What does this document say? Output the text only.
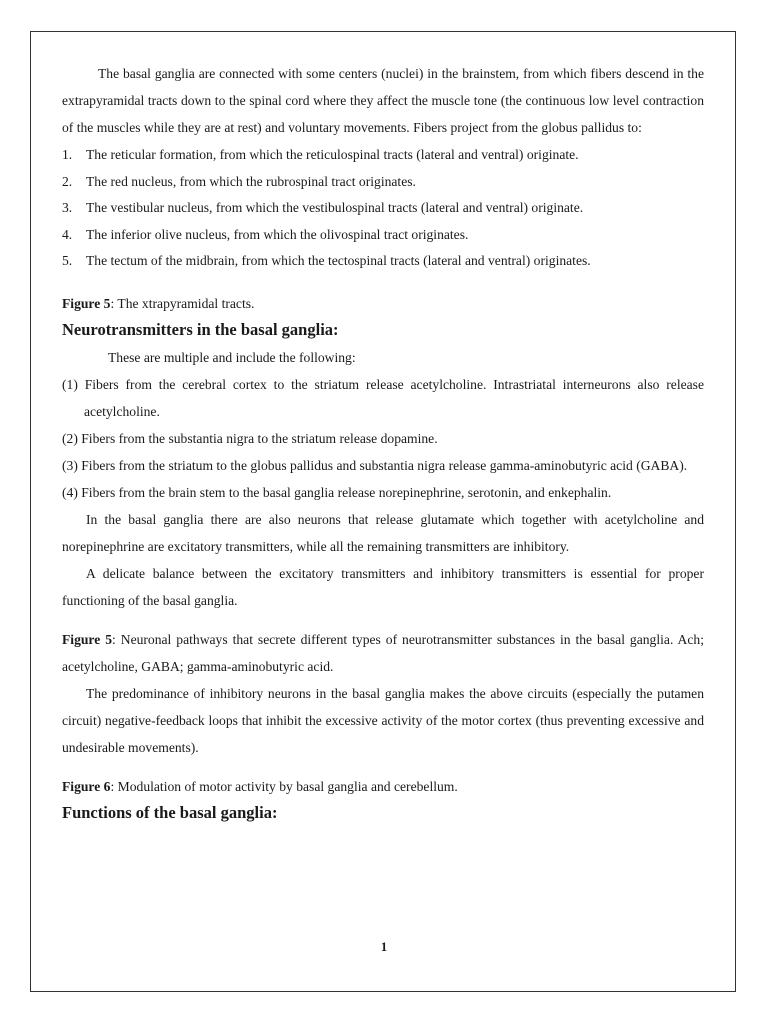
The basal ganglia are connected with some centers (nuclei) in the brainstem, from which fibers descend in the extrapyramidal tracts down to the spinal cord where they affect the muscle tone (the continuous low level contraction of the muscles while they are at rest) and voluntary movements. Fibers project from the globus pallidus to:

1.	The reticular formation, from which the reticulospinal tracts (lateral and ventral) originate.
2.	The red nucleus, from which the rubrospinal tract originates.
3.	The vestibular nucleus, from which the vestibulospinal tracts (lateral and ventral) originate.
4.	The inferior olive nucleus, from which the olivospinal tract originates.
5.	The tectum of the midbrain, from which the tectospinal tracts (lateral and ventral) originates.

Figure 5: The xtrapyramidal tracts.

Neurotransmitters in the basal ganglia:

These are multiple and include the following:

(1) Fibers from the cerebral cortex to the striatum release acetylcholine. Intrastriatal interneurons also release acetylcholine.

(2) Fibers from the substantia nigra to the striatum release dopamine.

(3) Fibers from the striatum to the globus pallidus and substantia nigra release gamma-aminobutyric acid (GABA).

(4) Fibers from the brain stem to the basal ganglia release norepinephrine, serotonin, and enkephalin.

In the basal ganglia there are also neurons that release glutamate which together with acetylcholine and norepinephrine are excitatory transmitters, while all the remaining transmitters are inhibitory.

A delicate balance between the excitatory transmitters and inhibitory transmitters is essential for proper functioning of the basal ganglia.

Figure 5: Neuronal pathways that secrete different types of neurotransmitter substances in the basal ganglia. Ach; acetylcholine, GABA; gamma-aminobutyric acid.

The predominance of inhibitory neurons in the basal ganglia makes the above circuits (especially the putamen circuit) negative-feedback loops that inhibit the excessive activity of the motor cortex (thus preventing excessive and undesirable movements).

Figure 6: Modulation of motor activity by basal ganglia and cerebellum.

Functions of the basal ganglia:

1
